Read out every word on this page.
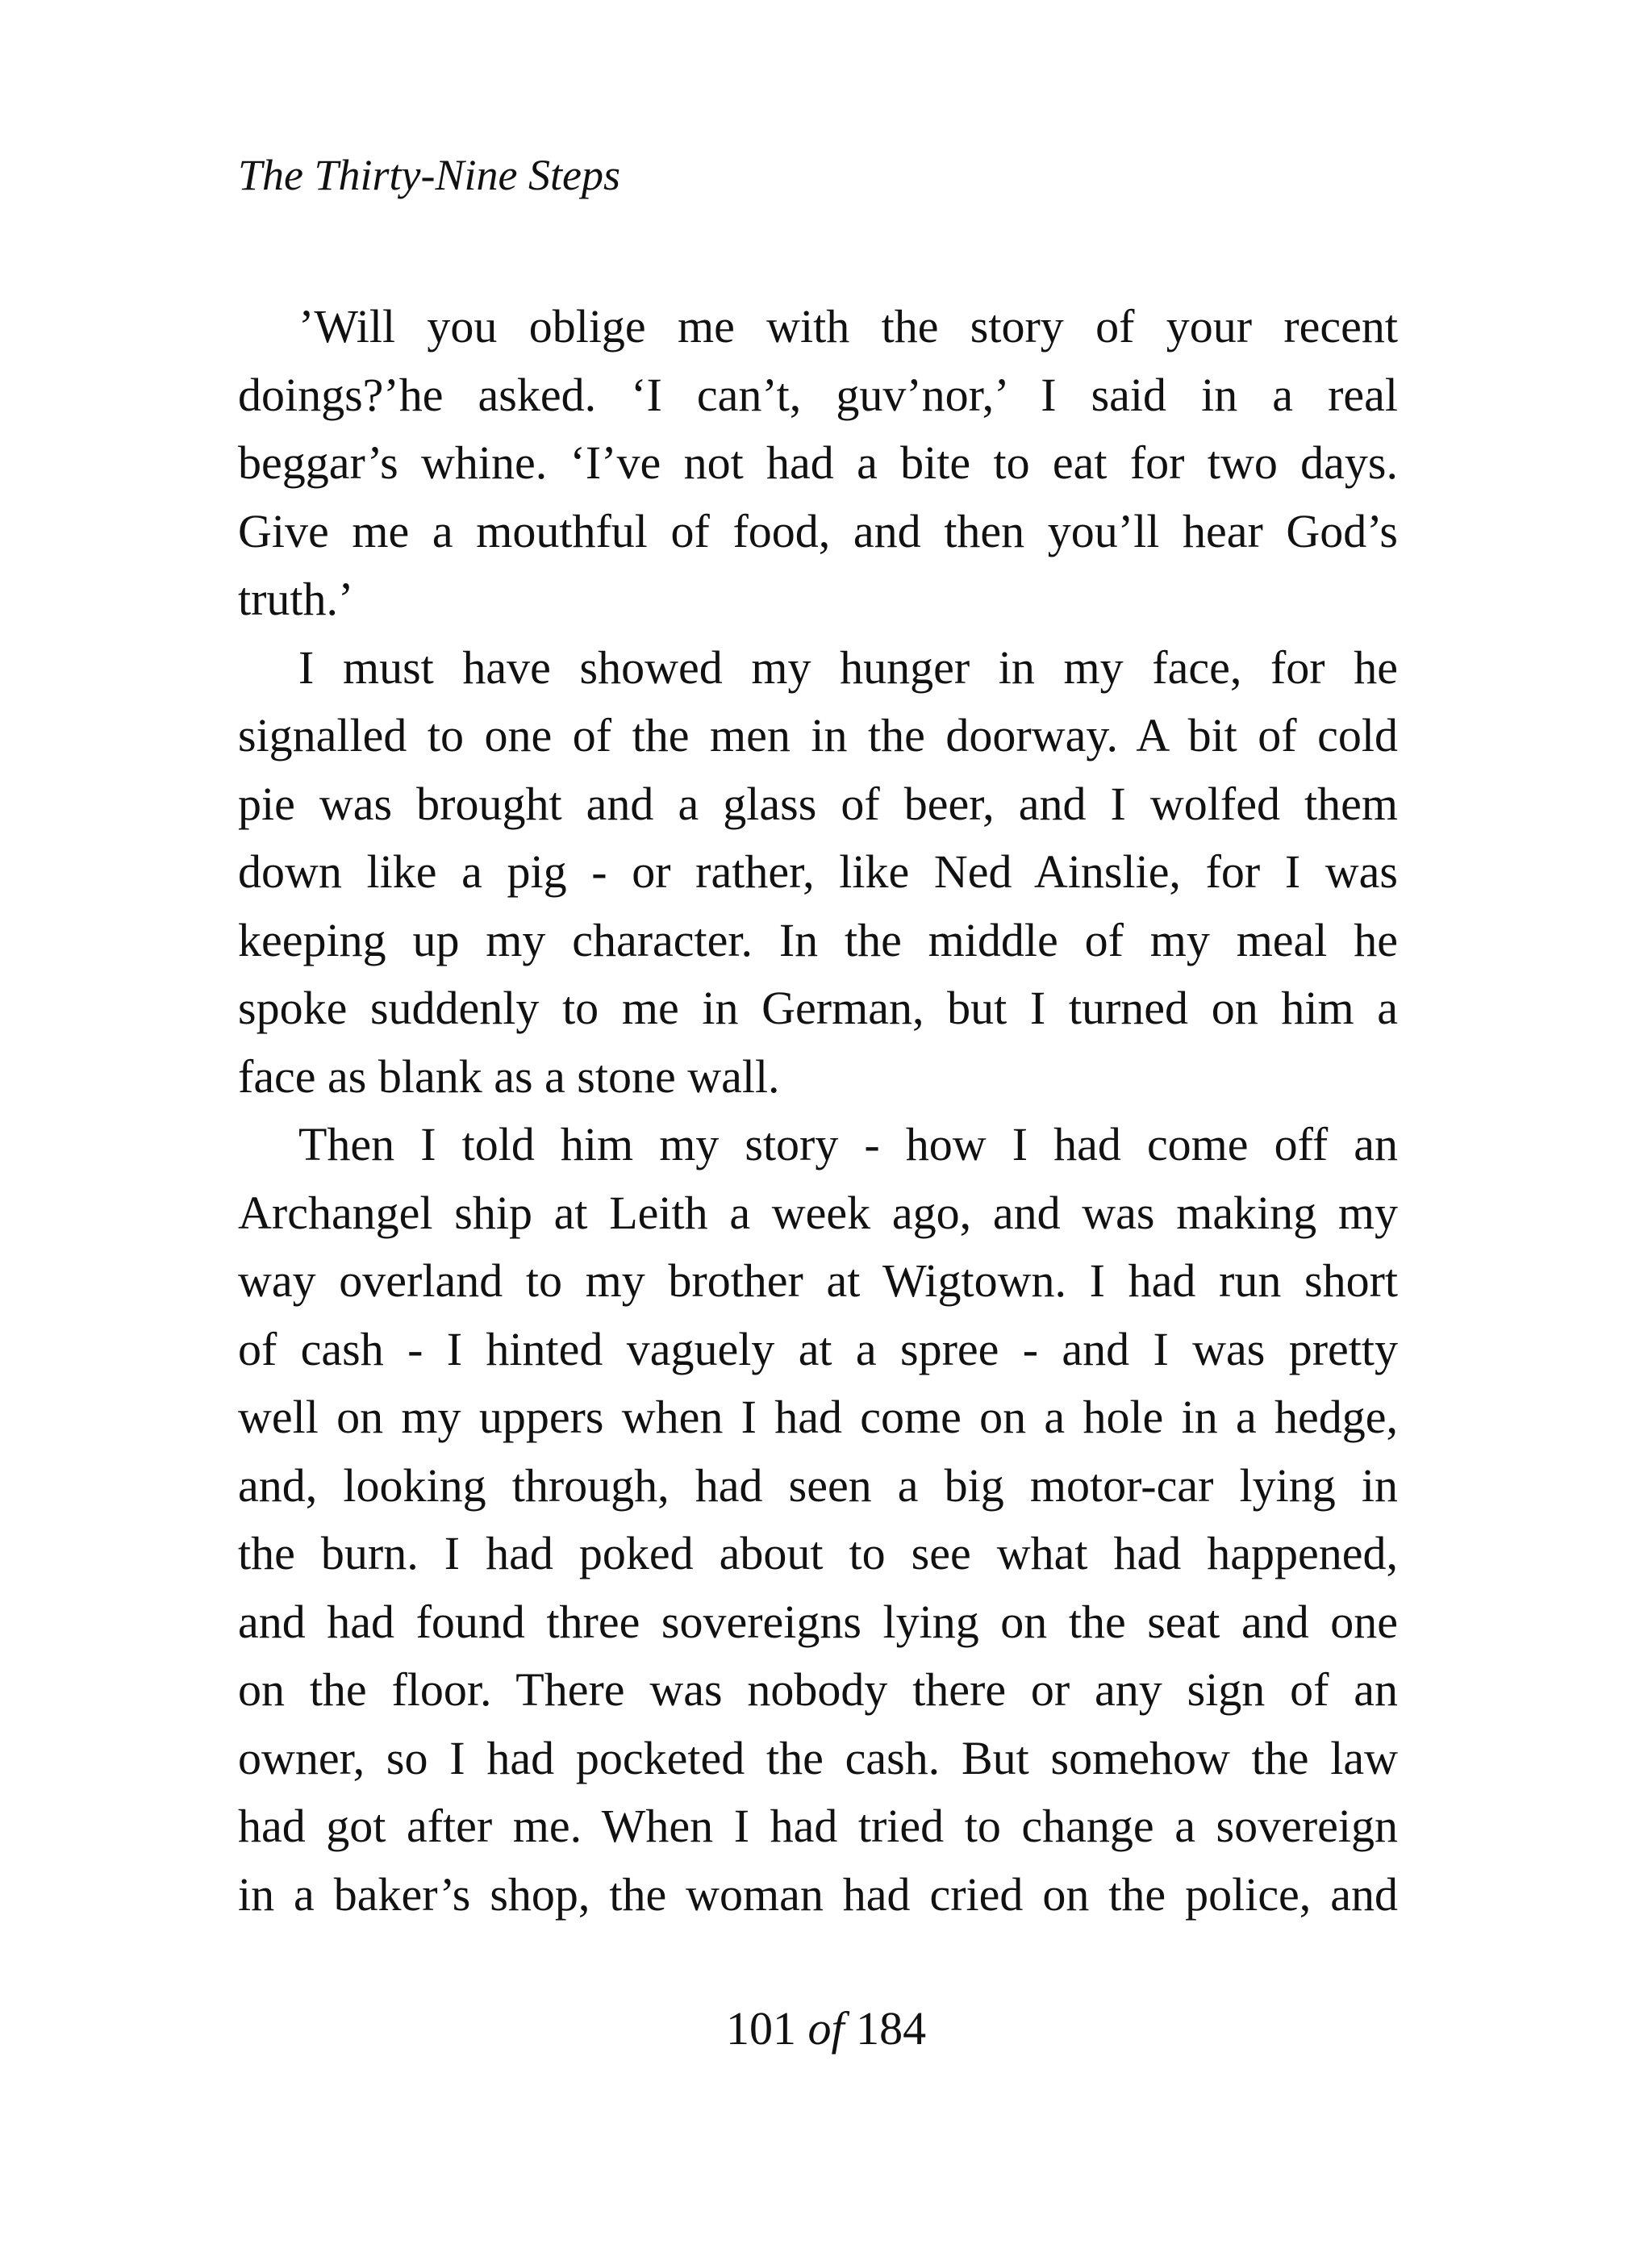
The Thirty-Nine Steps
’Will you oblige me with the story of your recent
doings?’he asked. ‘I can’t, guv’nor,’ I said in a real
beggar’s whine. ‘I’ve not had a bite to eat for two days.
Give me a mouthful of food, and then you’ll hear God’s
truth.’
I must have showed my hunger in my face, for he
signalled to one of the men in the doorway. A bit of cold
pie was brought and a glass of beer, and I wolfed them
down like a pig - or rather, like Ned Ainslie, for I was
keeping up my character. In the middle of my meal he
spoke suddenly to me in German, but I turned on him a
face as blank as a stone wall.
Then I told him my story - how I had come off an
Archangel ship at Leith a week ago, and was making my
way overland to my brother at Wigtown. I had run short
of cash - I hinted vaguely at a spree - and I was pretty
well on my uppers when I had come on a hole in a hedge,
and, looking through, had seen a big motor-car lying in
the burn. I had poked about to see what had happened,
and had found three sovereigns lying on the seat and one
on the floor. There was nobody there or any sign of an
owner, so I had pocketed the cash. But somehow the law
had got after me. When I had tried to change a sovereign
in a baker’s shop, the woman had cried on the police, and
101 of 184
